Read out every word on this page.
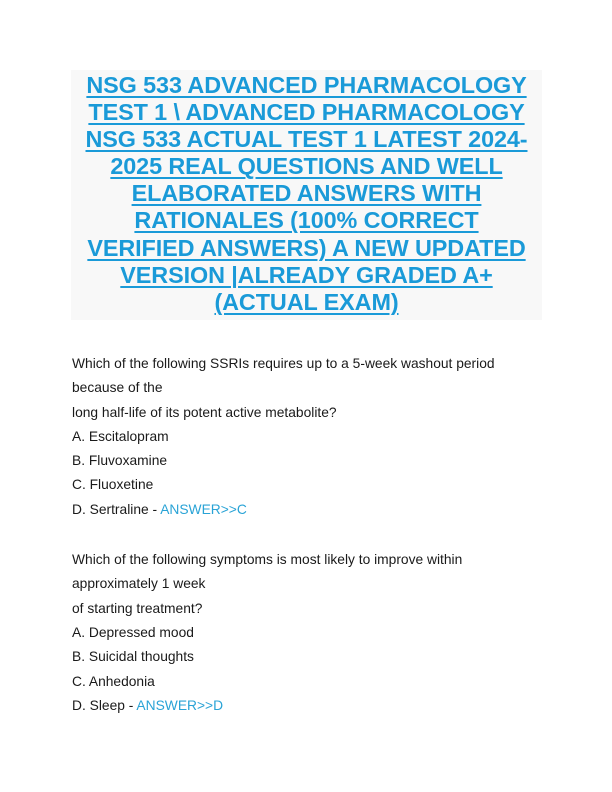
NSG 533 ADVANCED PHARMACOLOGY
TEST 1 \ ADVANCED PHARMACOLOGY
NSG 533 ACTUAL TEST 1 LATEST 2024-
2025 REAL QUESTIONS AND WELL
ELABORATED ANSWERS WITH
RATIONALES (100% CORRECT
VERIFIED ANSWERS) A NEW UPDATED
VERSION |ALREADY GRADED A+
(ACTUAL EXAM)
Which of the following SSRIs requires up to a 5-week washout period
because of the
long half-life of its potent active metabolite?
A. Escitalopram
B. Fluvoxamine
C. Fluoxetine
D. Sertraline - ANSWER>>C
Which of the following symptoms is most likely to improve within
approximately 1 week
of starting treatment?
A. Depressed mood
B. Suicidal thoughts
C. Anhedonia
D. Sleep - ANSWER>>D
